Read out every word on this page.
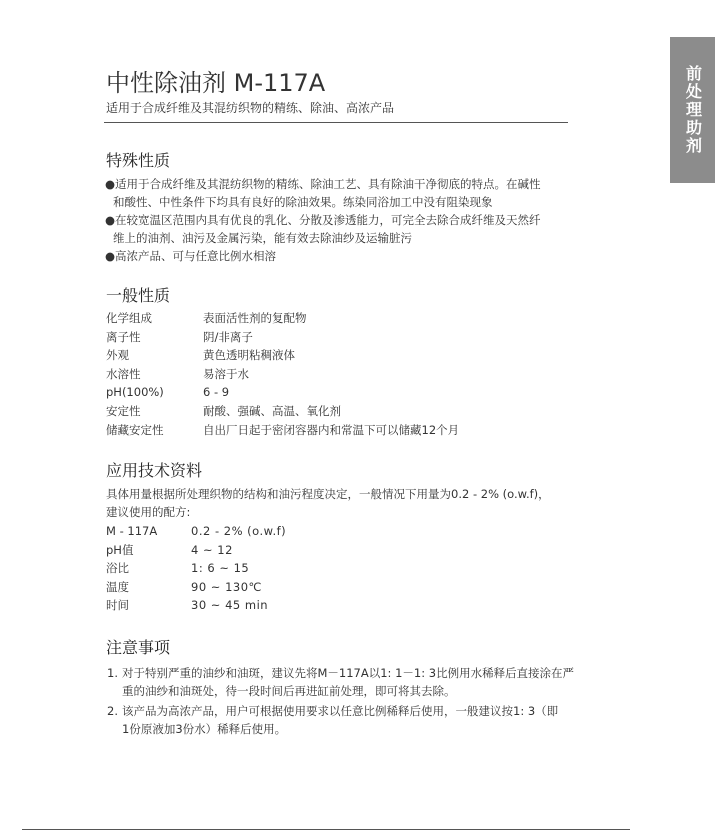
中性除油剂 M-117A
适用于合成纤维及其混纺织物的精练、除油、高浓产品	前处理助剂
特殊性质
●适用于合成纤维及其混纺织物的精练、除油工艺、具有除油干净彻底的特点。在碱性
和酸性、中性条件下均具有良好的除油效果。练染同浴加工中没有阻染现象
●在较宽温区范围内具有优良的乳化、分散及渗透能力，可完全去除合成纤维及天然纤
维上的油剂、油污及金属污染，能有效去除油纱及运输脏污
●高浓产品、可与任意比例水相溶
一般性质
化学组成	表面活性剂的复配物
离子性	阴/非离子
外观	黄色透明粘稠液体
水溶性	易溶于水
pH(100%)	6 - 9
安定性	耐酸、强碱、高温、氧化剂
储藏安定性	自出厂日起于密闭容器内和常温下可以储藏12个月
应用技术资料
具体用量根据所处理织物的结构和油污程度决定，一般情况下用量为0.2 - 2% (o.w.f)，
建议使用的配方:
M - 117A	0.2 - 2% (o.w.f)
pH值	4 ~ 12
浴比	1: 6 ~ 15
温度	90 ~ 130℃
时间	30 ~ 45 min
注意事项
1. 对于特别严重的油纱和油斑，建议先将M－117A以1: 1－1: 3比例用水稀释后直接涂在严
重的油纱和油斑处，待一段时间后再进缸前处理，即可将其去除。
2. 该产品为高浓产品，用户可根据使用要求以任意比例稀释后使用，一般建议按1: 3（即
1份原液加3份水）稀释后使用。
